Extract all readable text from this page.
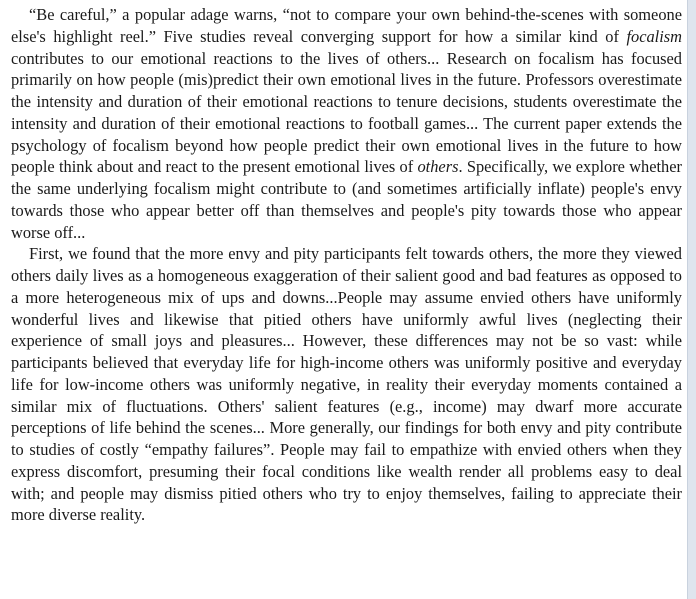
“Be careful,” a popular adage warns, “not to compare your own behind-the-scenes with someone else's highlight reel.” Five studies reveal converging support for how a similar kind of focalism contributes to our emotional reactions to the lives of others... Research on focalism has focused primarily on how people (mis)predict their own emotional lives in the future. Professors overestimate the intensity and duration of their emotional reactions to tenure decisions, students overestimate the intensity and duration of their emotional reactions to football games... The current paper extends the psychology of focalism beyond how people predict their own emotional lives in the future to how people think about and react to the present emotional lives of others. Specifically, we explore whether the same underlying focalism might contribute to (and sometimes artificially inflate) people's envy towards those who appear better off than themselves and people's pity towards those who appear worse off...

First, we found that the more envy and pity participants felt towards others, the more they viewed others daily lives as a homogeneous exaggeration of their salient good and bad features as opposed to a more heterogeneous mix of ups and downs...People may assume envied others have uniformly wonderful lives and likewise that pitied others have uniformly awful lives (neglecting their experience of small joys and pleasures... However, these differences may not be so vast: while participants believed that everyday life for high-income others was uniformly positive and everyday life for low-income others was uniformly negative, in reality their everyday moments contained a similar mix of fluctuations. Others' salient features (e.g., income) may dwarf more accurate perceptions of life behind the scenes... More generally, our findings for both envy and pity contribute to studies of costly “empathy failures”. People may fail to empathize with envied others when they express discomfort, presuming their focal conditions like wealth render all problems easy to deal with; and people may dismiss pitied others who try to enjoy themselves, failing to appreciate their more diverse reality.
